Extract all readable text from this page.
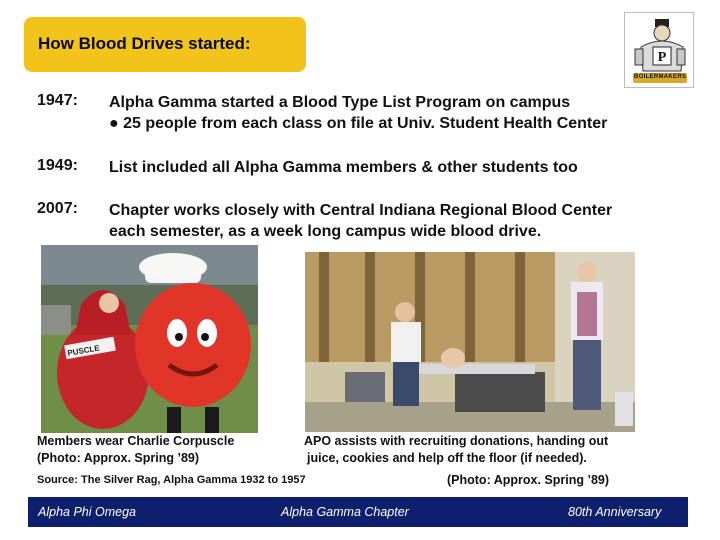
How Blood Drives started:
P
BOILERMAKERS
1947: Alpha Gamma started a Blood Type List Program on campus
● 25 people from each class on file at Univ. Student Health Center
1949: List included all Alpha Gamma members & other students too
2007: Chapter works closely with Central Indiana Regional Blood Center
each semester, as a week long campus wide blood drive.
PUSCLE
Members wear Charlie Corpuscle
(Photo: Approx. Spring ’89)
APO assists with recruiting donations, handing out
juice, cookies and help off the floor (if needed).
Source: The Silver Rag, Alpha Gamma 1932 to 1957	(Photo: Approx. Spring ’89)
Alpha Phi Omega	Alpha Gamma Chapter	80th Anniversary
